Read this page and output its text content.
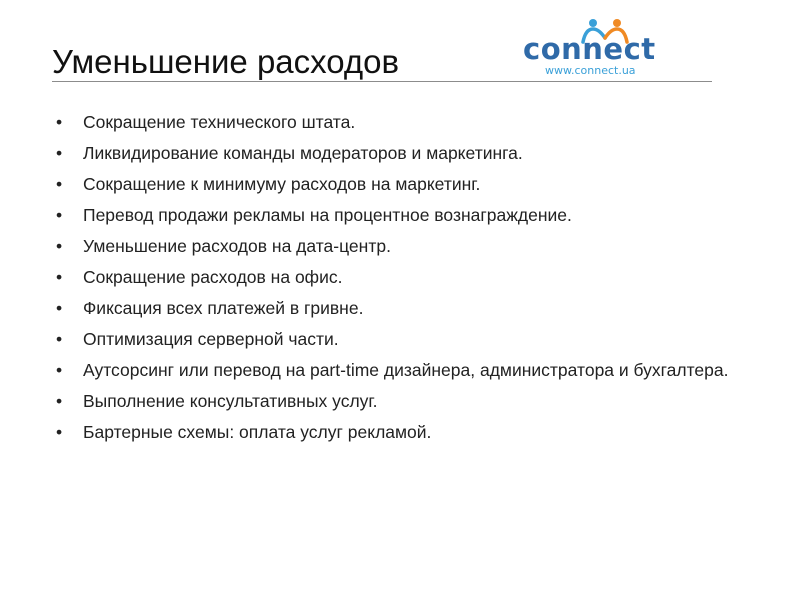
Уменьшение расходов	connect
www.connect.ua
•	Сокращение технического штата.
•	Ликвидирование команды модераторов и маркетинга.
•	Сокращение к минимуму расходов на маркетинг.
•	Перевод продажи рекламы на процентное вознаграждение.
•	Уменьшение расходов на дата-центр.
•	Сокращение расходов на офис.
•	Фиксация всех платежей в гривне.
•	Оптимизация серверной части.
•	Аутсорсинг или перевод на part-time дизайнера, администратора и бухгалтера.
•	Выполнение консультативных услуг.
•	Бартерные схемы: оплата услуг рекламой.
